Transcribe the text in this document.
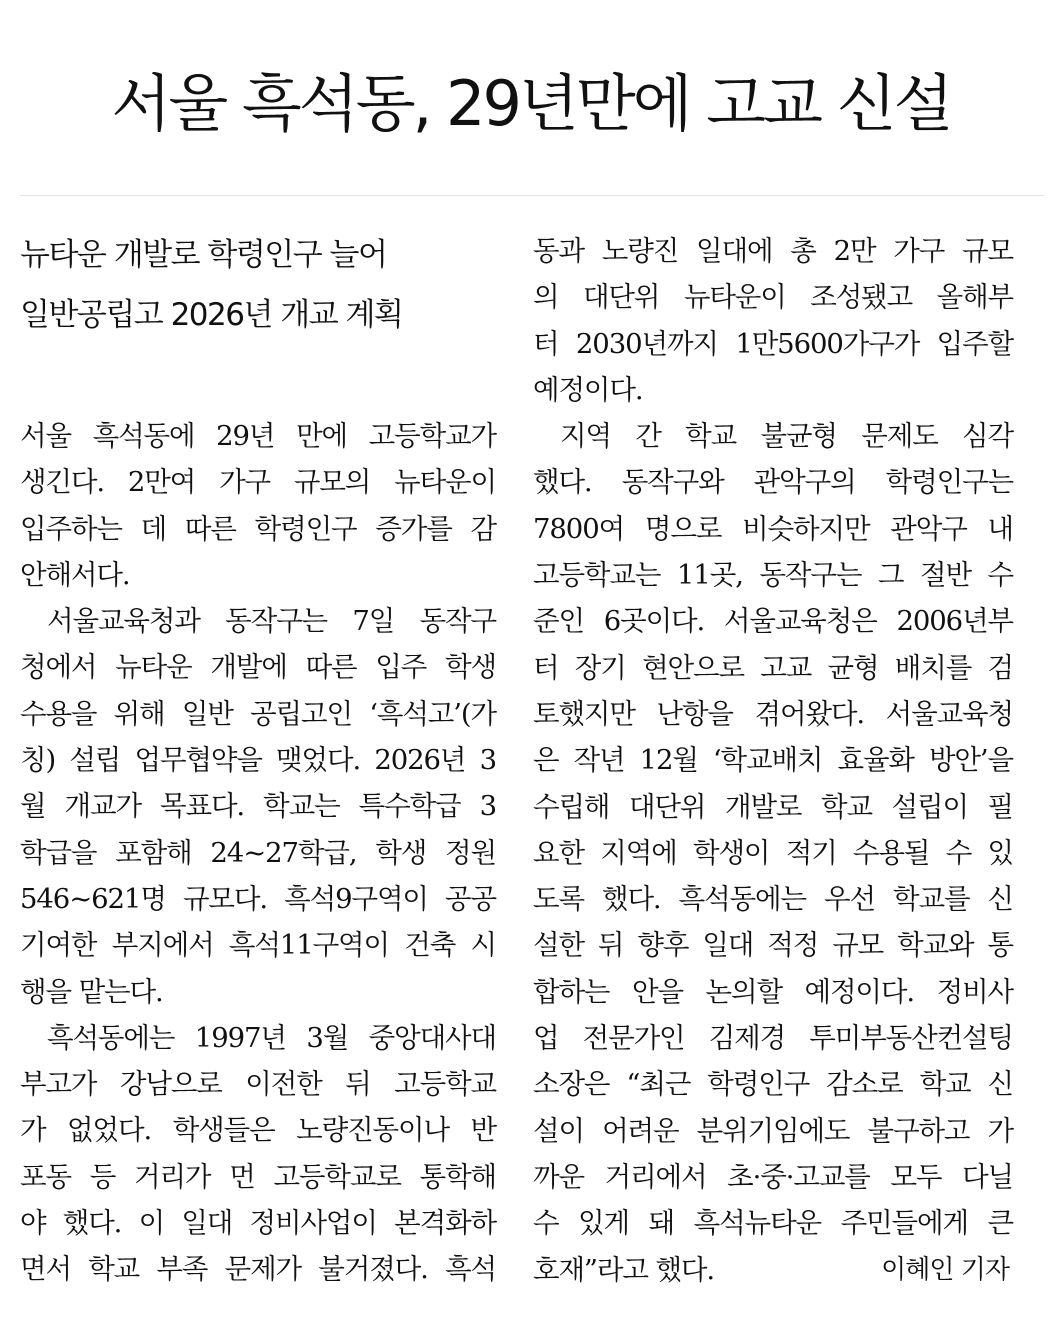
서울 흑석동, 29년만에 고교 신설
뉴타운 개발로 학령인구 늘어
일반공립고 2026년 개교 계획
서울 흑석동에 29년 만에 고등학교가
생긴다. 2만여 가구 규모의 뉴타운이
입주하는 데 따른 학령인구 증가를 감
안해서다.
서울교육청과 동작구는 7일 동작구
청에서 뉴타운 개발에 따른 입주 학생
수용을 위해 일반 공립고인 ‘흑석고’(가
칭) 설립 업무협약을 맺었다. 2026년 3
월 개교가 목표다. 학교는 특수학급 3
학급을 포함해 24~27학급, 학생 정원
546~621명 규모다. 흑석9구역이 공공
기여한 부지에서 흑석11구역이 건축 시
행을 맡는다.
흑석동에는 1997년 3월 중앙대사대
부고가 강남으로 이전한 뒤 고등학교
가 없었다. 학생들은 노량진동이나 반
포동 등 거리가 먼 고등학교로 통학해
야 했다. 이 일대 정비사업이 본격화하
면서 학교 부족 문제가 불거졌다. 흑석
동과 노량진 일대에 총 2만 가구 규모
의 대단위 뉴타운이 조성됐고 올해부
터 2030년까지 1만5600가구가 입주할
예정이다.
지역 간 학교 불균형 문제도 심각
했다. 동작구와 관악구의 학령인구는
7800여 명으로 비슷하지만 관악구 내
고등학교는 11곳, 동작구는 그 절반 수
준인 6곳이다. 서울교육청은 2006년부
터 장기 현안으로 고교 균형 배치를 검
토했지만 난항을 겪어왔다. 서울교육청
은 작년 12월 ‘학교배치 효율화 방안’을
수립해 대단위 개발로 학교 설립이 필
요한 지역에 학생이 적기 수용될 수 있
도록 했다. 흑석동에는 우선 학교를 신
설한 뒤 향후 일대 적정 규모 학교와 통
합하는 안을 논의할 예정이다. 정비사
업 전문가인 김제경 투미부동산컨설팅
소장은 “최근 학령인구 감소로 학교 신
설이 어려운 분위기임에도 불구하고 가
까운 거리에서 초·중·고교를 모두 다닐
수 있게 돼 흑석뉴타운 주민들에게 큰
호재”라고 했다.	이혜인 기자
